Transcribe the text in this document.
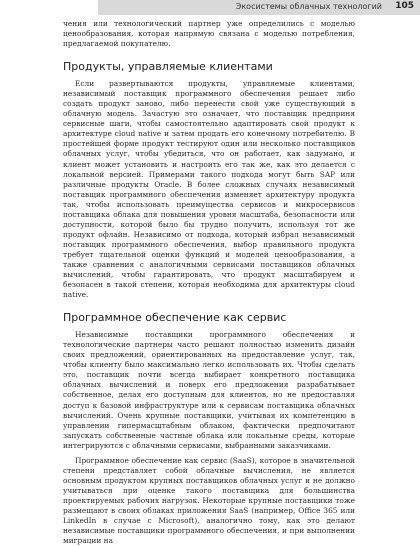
Экосистемы облачных технологий 105

чения или технологический партнер уже определились с моделью ценообразования, которая напрямую связана с моделью потребления, предлагаемой покупателю.

Продукты, управляемые клиентами

Если развертываются продукты, управляемые клиентами, независимый поставщик программного обеспечения решает либо создать продукт заново, либо перенести свой уже существующий в облачную модель. Зачастую это означает, что поставщик предприня сервисные шаги, чтобы самостоятельно адаптировать свой продукт к архитектуре cloud native и затем продать его конечному потребителю. В простейшей форме продукт тестируют один или несколько поставщиков облачных услуг, чтобы убедиться, что он работает, как задумано, и клиент может установить и настроить его так же, как это делается с локальной версией. Примерами такого подхода могут быть SAP или различные продукты Oracle. В более сложных случаях независимый поставщик программного обеспечения изменяет архитектуру продукта так, чтобы использовать преимущества сервисов и микросервисов поставщика облака для повышения уровня масштаба, безопасности или доступности, которой было бы трудно получить, используя тот же продукт офлайн. Независимо от подхода, который избрал независимый поставщик программного обеспечения, выбор правильного продукта требует тщательной оценки функций и моделей ценообразования, а также сравнения с аналогичными сервисами поставщиков облачных вычислений, чтобы гарантировать, что продукт масштабируем и безопасен в такой степени, которая необходима для архитектуры cloud native.

Программное обеспечение как сервис

Независимые поставщики программного обеспечения и технологические партнеры часто решают полностью изменить дизайн своих предложений, ориентированных на предоставление услуг, так, чтобы клиенту было максимально легко использовать их. Чтобы сделать это, поставщик почти всегда выбирает конкретного поставщика облачных вычислений и поверх его предложения разрабатывает собственное, делая его доступным для клиентов, но не предоставляя доступ к базовой инфраструктуре или к сервисам поставщика облачных вычислений. Очень крупные поставщики, учитывая их компетенцию в управлении гипермасштабным облаком, фактически предпочитают запускать собственные частные облака или локальные среды, которые интегрируются с облачными сервисами, выбранными заказчиками.

Программное обеспечение как сервис (SaaS), которое в значительной степени представляет собой облачные вычисления, не является основным продуктом крупных поставщиков облачных услуг и не должно учитываться при оценке такого поставщика для большинства проектируемых рабочих нагрузок. Некоторые крупные поставщики тоже размещают в своих облаках приложения SaaS (например, Office 365 или LinkedIn в случае с Microsoft), аналогично тому, как это делают независимые поставщики программного обеспечения, и при выполнении миграции на
